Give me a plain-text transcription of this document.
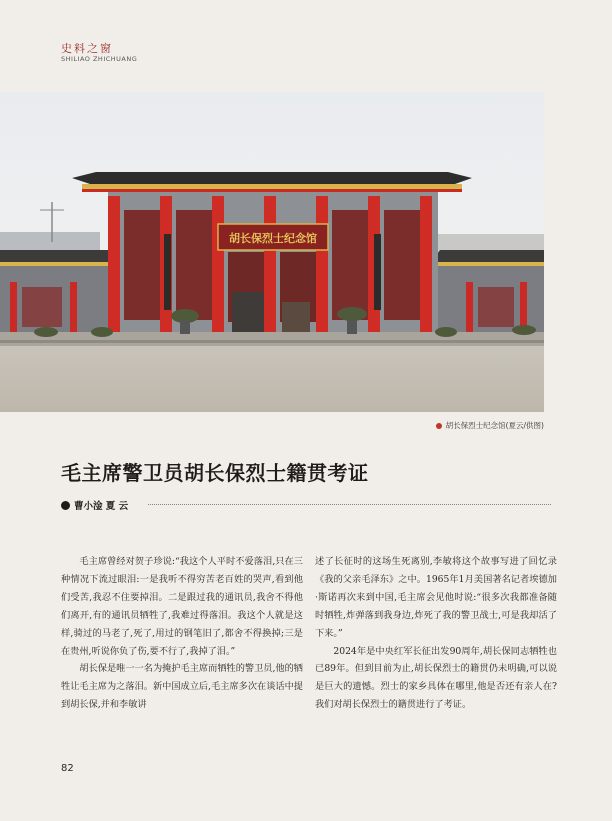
史料之窗
SHILIAO ZHICHUANG
胡长保烈士纪念馆
胡长保烈士纪念馆(夏云/供图)
毛主席警卫员胡长保烈士籍贯考证
曹小淦 夏 云

毛主席曾经对贺子珍说:“我这个人平时不爱落泪,只在三种情况下流过眼泪:一是我听不得穷苦老百姓的哭声,看到他们受苦,我忍不住要掉泪。二是跟过我的通讯员,我舍不得他们离开,有的通讯员牺牲了,我难过得落泪。我这个人就是这样,骑过的马老了,死了,用过的钢笔旧了,都舍不得换掉;三是在贵州,听说你负了伤,要不行了,我掉了泪。”

胡长保是唯一一名为掩护毛主席而牺牲的警卫员,他的牺牲让毛主席为之落泪。新中国成立后,毛主席多次在谈话中提到胡长保,并和李敏讲

述了长征时的这场生死离别,李敏将这个故事写进了回忆录《我的父亲毛泽东》之中。1965年1月美国著名记者埃德加·斯诺再次来到中国,毛主席会见他时说:“很多次我都准备随时牺牲,炸弹落到我身边,炸死了我的警卫战士,可是我却活了下来。”

2024年是中央红军长征出发90周年,胡长保同志牺牲也已89年。但到目前为止,胡长保烈士的籍贯仍未明确,可以说是巨大的遗憾。烈士的家乡具体在哪里,他是否还有亲人在?我们对胡长保烈士的籍贯进行了考证。

82
